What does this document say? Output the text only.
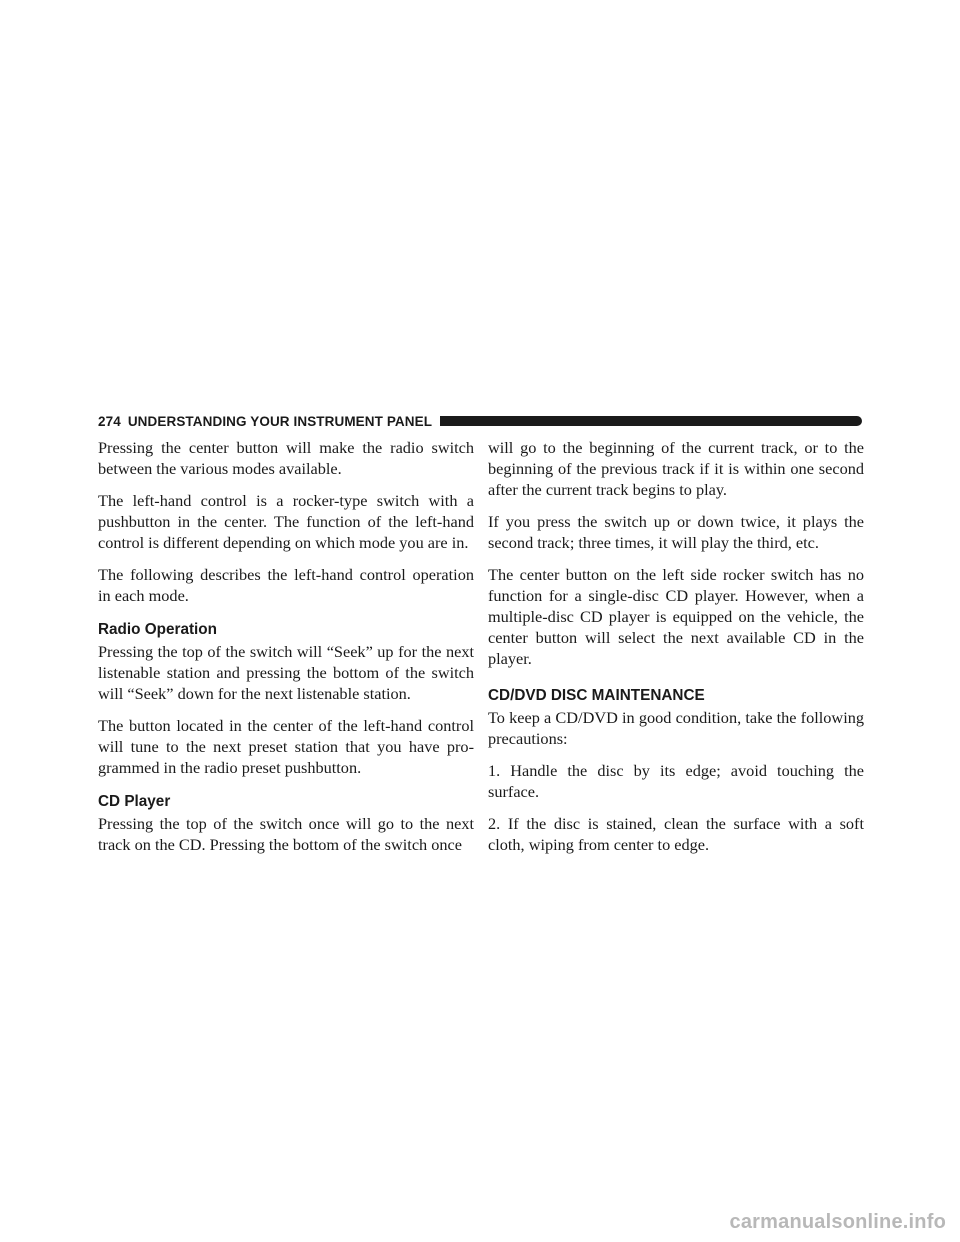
274 UNDERSTANDING YOUR INSTRUMENT PANEL

Pressing the center button will make the radio switch between the various modes available.

The left-hand control is a rocker-type switch with a pushbutton in the center. The function of the left-hand control is different depending on which mode you are in.

The following describes the left-hand control operation in each mode.

Radio Operation

Pressing the top of the switch will “Seek” up for the next listenable station and pressing the bottom of the switch will “Seek” down for the next listenable station.

The button located in the center of the left-hand control will tune to the next preset station that you have pro-grammed in the radio preset pushbutton.

CD Player

Pressing the top of the switch once will go to the next track on the CD. Pressing the bottom of the switch once

will go to the beginning of the current track, or to the beginning of the previous track if it is within one second after the current track begins to play.

If you press the switch up or down twice, it plays the second track; three times, it will play the third, etc.

The center button on the left side rocker switch has no function for a single-disc CD player. However, when a multiple-disc CD player is equipped on the vehicle, the center button will select the next available CD in the player.

CD/DVD DISC MAINTENANCE

To keep a CD/DVD in good condition, take the following precautions:

1. Handle the disc by its edge; avoid touching the surface.

2. If the disc is stained, clean the surface with a soft cloth, wiping from center to edge.

carmanualsonline.info
